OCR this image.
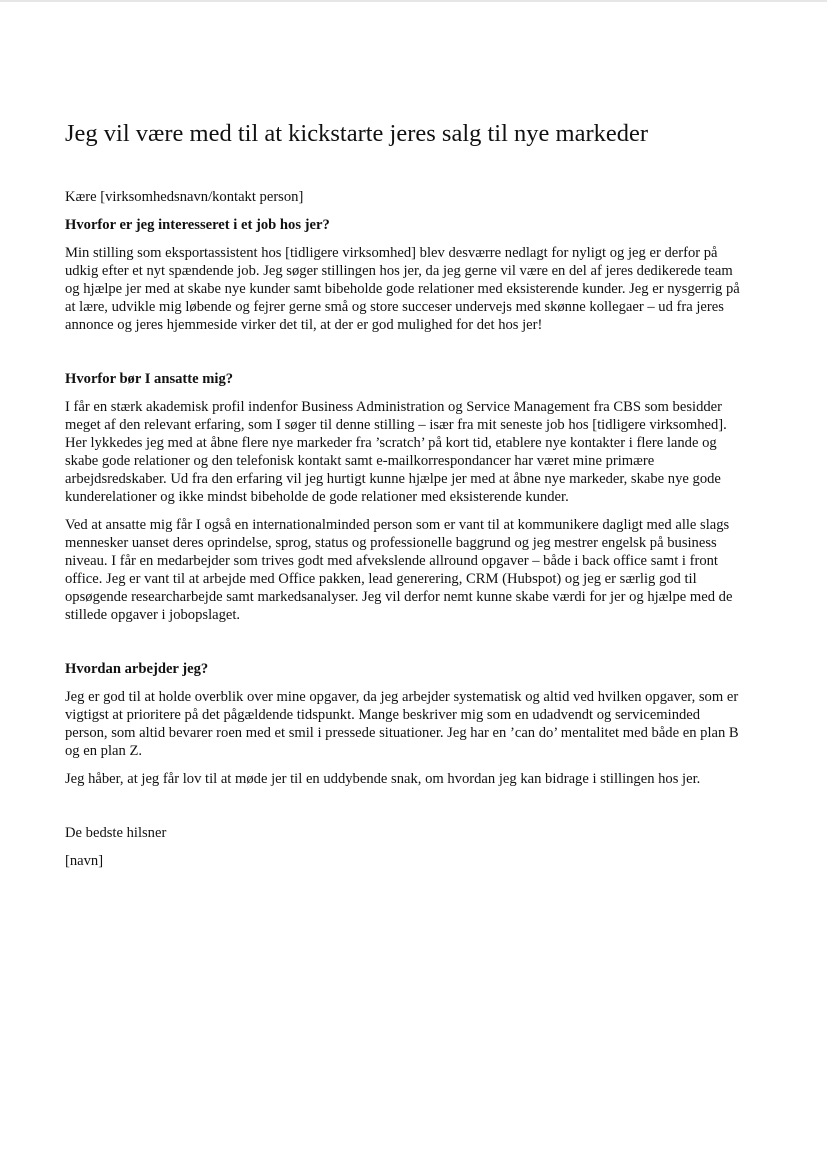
Jeg vil være med til at kickstarte jeres salg til nye markeder

Kære [virksomhedsnavn/kontakt person]

Hvorfor er jeg interesseret i et job hos jer?

Min stilling som eksportassistent hos [tidligere virksomhed] blev desværre nedlagt for nyligt og jeg er derfor på udkig efter et nyt spændende job. Jeg søger stillingen hos jer, da jeg gerne vil være en del af jeres dedikerede team og hjælpe jer med at skabe nye kunder samt bibeholde gode relationer med eksisterende kunder. Jeg er nysgerrig på at lære, udvikle mig løbende og fejrer gerne små og store succeser undervejs med skønne kollegaer – ud fra jeres annonce og jeres hjemmeside virker det til, at der er god mulighed for det hos jer!

Hvorfor bør I ansatte mig?

I får en stærk akademisk profil indenfor Business Administration og Service Management fra CBS som besidder meget af den relevant erfaring, som I søger til denne stilling – især fra mit seneste job hos [tidligere virksomhed]. Her lykkedes jeg med at åbne flere nye markeder fra ’scratch’ på kort tid, etablere nye kontakter i flere lande og skabe gode relationer og den telefonisk kontakt samt e-mailkorrespondancer har været mine primære arbejdsredskaber. Ud fra den erfaring vil jeg hurtigt kunne hjælpe jer med at åbne nye markeder, skabe nye gode kunderelationer og ikke mindst bibeholde de gode relationer med eksisterende kunder.

Ved at ansatte mig får I også en internationalminded person som er vant til at kommunikere dagligt med alle slags mennesker uanset deres oprindelse, sprog, status og professionelle baggrund og jeg mestrer engelsk på business niveau. I får en medarbejder som trives godt med afvekslende allround opgaver – både i back office samt i front office. Jeg er vant til at arbejde med Office pakken, lead generering, CRM (Hubspot) og jeg er særlig god til opsøgende researcharbejde samt markedsanalyser. Jeg vil derfor nemt kunne skabe værdi for jer og hjælpe med de stillede opgaver i jobopslaget.

Hvordan arbejder jeg?

Jeg er god til at holde overblik over mine opgaver, da jeg arbejder systematisk og altid ved hvilken opgaver, som er vigtigst at prioritere på det pågældende tidspunkt. Mange beskriver mig som en udadvendt og serviceminded person, som altid bevarer roen med et smil i pressede situationer. Jeg har en ’can do’ mentalitet med både en plan B og en plan Z.

Jeg håber, at jeg får lov til at møde jer til en uddybende snak, om hvordan jeg kan bidrage i stillingen hos jer.

De bedste hilsner

[navn]
